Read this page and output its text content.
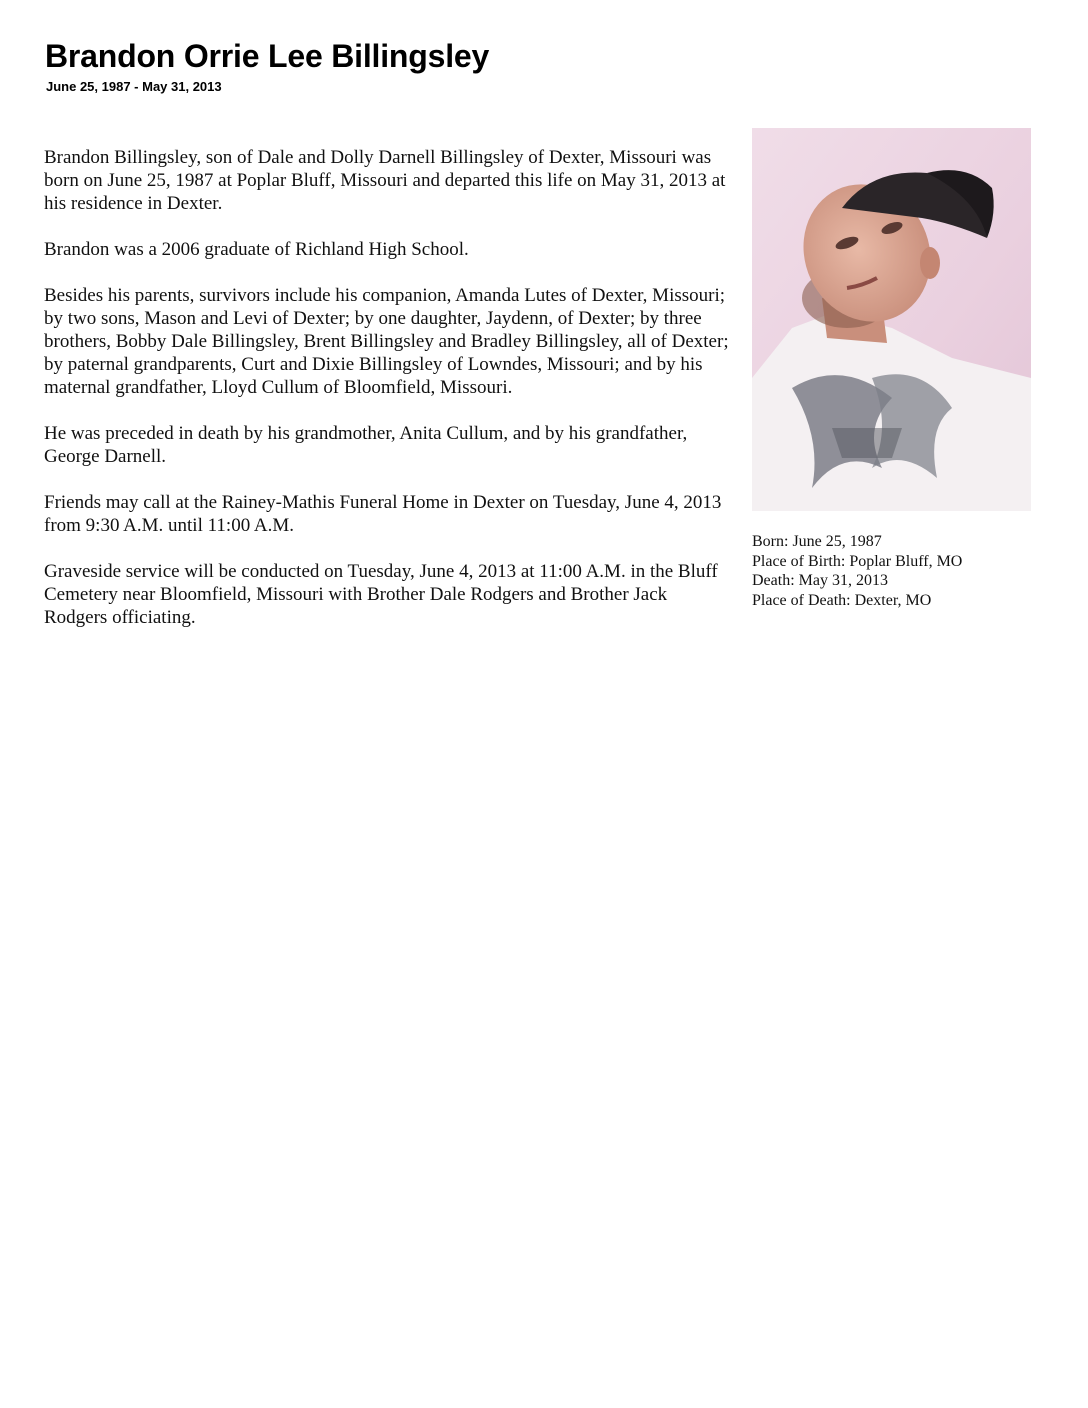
Brandon Orrie Lee Billingsley
June 25, 1987 - May 31, 2013

Brandon Billingsley, son of Dale and Dolly Darnell Billingsley of Dexter, Missouri was born on June 25, 1987 at Poplar Bluff, Missouri and departed this life on May 31, 2013 at his residence in Dexter.

Brandon was a 2006 graduate of Richland High School.

Besides his parents, survivors include his companion, Amanda Lutes of Dexter, Missouri; by two sons, Mason and Levi of Dexter; by one daughter, Jaydenn, of Dexter; by three brothers, Bobby Dale Billingsley, Brent Billingsley and Bradley Billingsley, all of Dexter; by paternal grandparents, Curt and Dixie Billingsley of Lowndes, Missouri; and by his maternal grandfather, Lloyd Cullum of Bloomfield, Missouri.

He was preceded in death by his grandmother, Anita Cullum, and by his grandfather, George Darnell.

Friends may call at the Rainey-Mathis Funeral Home in Dexter on Tuesday, June 4, 2013 from 9:30 A.M. until 11:00 A.M.

Graveside service will be conducted on Tuesday, June 4, 2013 at 11:00 A.M. in the Bluff Cemetery near Bloomfield, Missouri with Brother Dale Rodgers and Brother Jack Rodgers officiating.

Born: June 25, 1987
Place of Birth: Poplar Bluff, MO
Death: May 31, 2013
Place of Death: Dexter, MO
